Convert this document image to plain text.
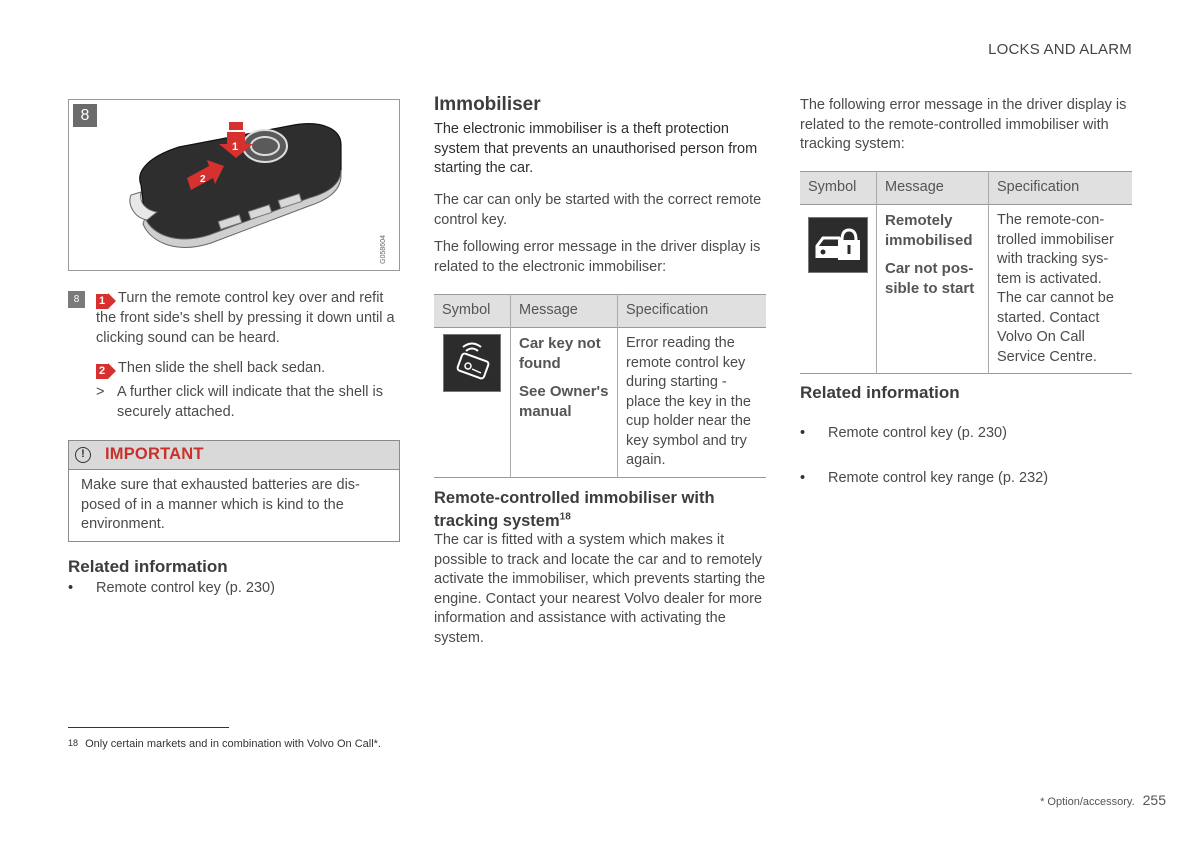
LOCKS AND ALARM
8
1
2
G058604
8	1 Turn the remote control key over and refit the front side's shell by pressing it down until a clicking sound can be heard.
2 Then slide the shell back sedan.
> A further click will indicate that the shell is securely attached.
!	IMPORTANT
Make sure that exhausted batteries are dis-posed of in a manner which is kind to the environment.
Related information
• Remote control key (p. 230)
Immobiliser
The electronic immobiliser is a theft protection system that prevents an unauthorised person from starting the car.
The car can only be started with the correct remote control key.
The following error message in the driver display is related to the electronic immobiliser:
Symbol	Message	Specification

Car key not found
See Owner's manual	Error reading the remote control key during starting - place the key in the cup holder near the key symbol and try again.
Remote-controlled immobiliser with tracking system$^{18}$
The car is fitted with a system which makes it possible to track and locate the car and to remotely activate the immobiliser, which prevents starting the engine. Contact your nearest Volvo dealer for more information and assistance with activating the system.
The following error message in the driver display is related to the remote-controlled immobiliser with tracking system:
Symbol	Message	Specification

Remotely immobilised
Car not pos-sible to start	The remote-con-trolled immobiliser with tracking sys-tem is activated. The car cannot be started. Contact Volvo On Call Service Centre.
Related information
• Remote control key (p. 230)
• Remote control key range (p. 232)
18 Only certain markets and in combination with Volvo On Call*.
* Option/accessory. 255
